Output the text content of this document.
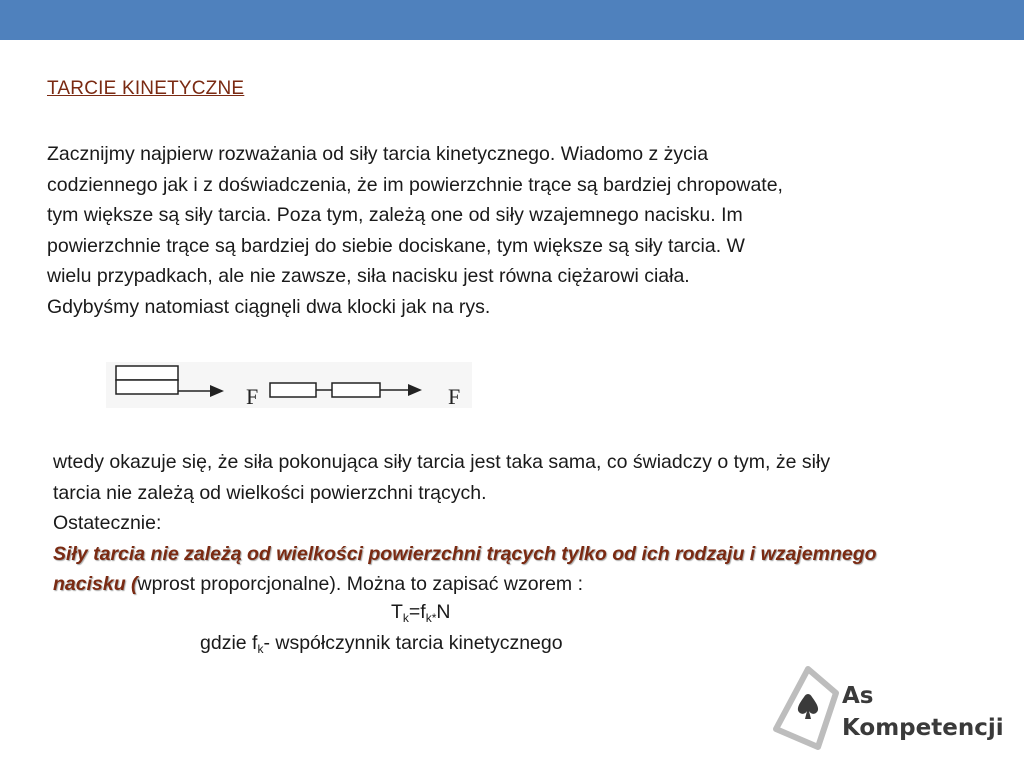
TARCIE KINETYCZNE
Zacznijmy najpierw rozważania od siły tarcia kinetycznego. Wiadomo z życia
codziennego jak i z doświadczenia, że im powierzchnie trące są bardziej chropowate,
tym większe są siły tarcia. Poza tym, zależą one od siły wzajemnego nacisku. Im
powierzchnie trące są bardziej do siebie dociskane, tym większe są siły tarcia. W
wielu przypadkach, ale nie zawsze, siła nacisku jest równa ciężarowi ciała.
Gdybyśmy natomiast ciągnęli dwa klocki jak na rys.
F	F
wtedy okazuje się, że siła pokonująca siły tarcia jest taka sama, co świadczy o tym, że siły
tarcia nie zależą od wielkości powierzchni trących.
Ostatecznie:
Siły tarcia nie zależą od wielkości powierzchni trących tylko od ich rodzaju i wzajemnego
nacisku (wprost proporcjonalne). Można to zapisać wzorem :
$T_k=f_{k*}N$
gdzie $f_k-$ współczynnik tarcia kinetycznego
As
Kompetencji
